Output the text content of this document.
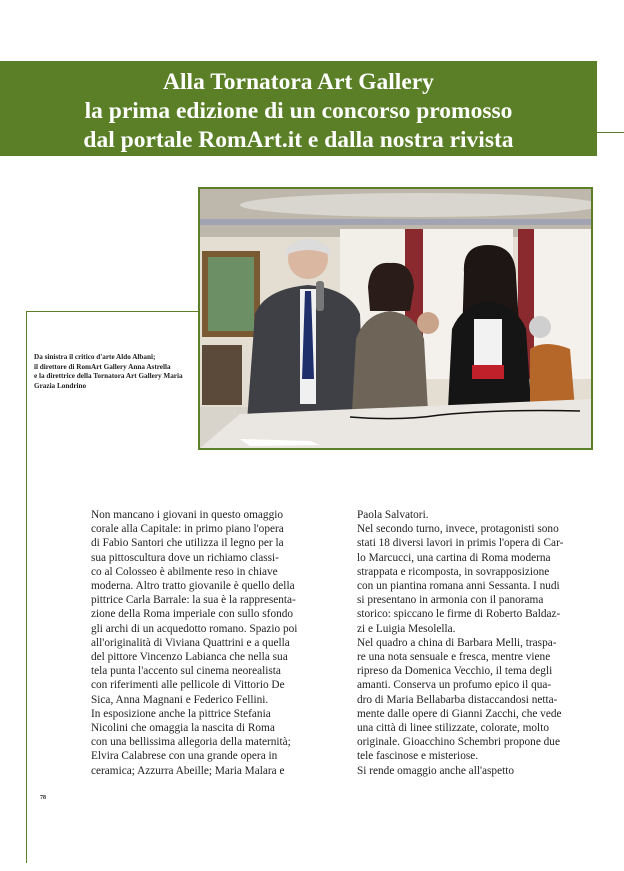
Alla Tornatora Art Gallery
la prima edizione di un concorso promosso
dal portale RomArt.it e dalla nostra rivista
Da sinistra il critico d'arte Aldo Albani;
il direttore di RomArt Gallery Anna Astrella
e la direttrice della Tornatora Art Gallery Maria
Grazia Londrino
Non mancano i giovani in questo omaggio
corale alla Capitale: in primo piano l'opera
di Fabio Santori che utilizza il legno per la
sua pittoscultura dove un richiamo classi-
co al Colosseo è abilmente reso in chiave
moderna. Altro tratto giovanile è quello della
pittrice Carla Barrale: la sua è la rappresenta-
zione della Roma imperiale con sullo sfondo
gli archi di un acquedotto romano. Spazio poi
all'originalità di Viviana Quattrini e a quella
del pittore Vincenzo Labianca che nella sua
tela punta l'accento sul cinema neorealista
con riferimenti alle pellicole di Vittorio De
Sica, Anna Magnani e Federico Fellini.
In esposizione anche la pittrice Stefania
Nicolini che omaggia la nascita di Roma
con una bellissima allegoria della maternità;
Elvira Calabrese con una grande opera in
ceramica; Azzurra Abeille; Maria Malara e
Paola Salvatori.
Nel secondo turno, invece, protagonisti sono
stati 18 diversi lavori in primis l'opera di Car-
lo Marcucci, una cartina di Roma moderna
strappata e ricomposta, in sovrapposizione
con un piantina romana anni Sessanta. I nudi
si presentano in armonia con il panorama
storico: spiccano le firme di Roberto Baldaz-
zi e Luigia Mesolella.
Nel quadro a china di Barbara Melli, traspa-
re una nota sensuale e fresca, mentre viene
ripreso da Domenica Vecchio, il tema degli
amanti. Conserva un profumo epico il qua-
dro di Maria Bellabarba distaccandosi netta-
mente dalle opere di Gianni Zacchi, che vede
una città di linee stilizzate, colorate, molto
originale. Gioacchino Schembri propone due
tele fascinose e misteriose.
Si rende omaggio anche all'aspetto
78
